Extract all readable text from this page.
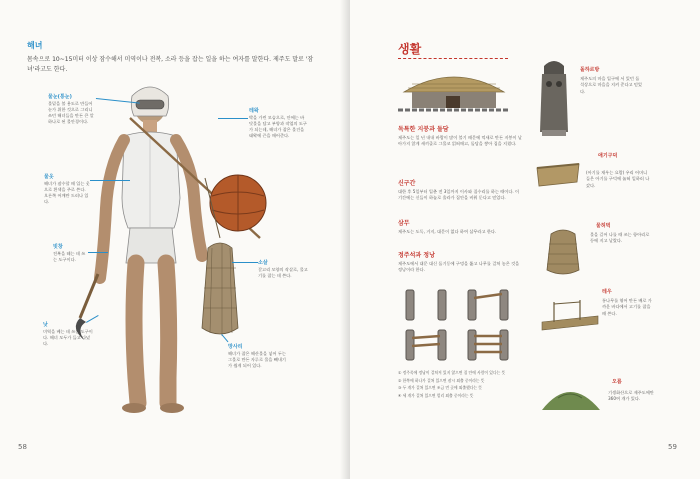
해녀
몸속으로 10~15미터 이상 잠수해서 미역이나 전복, 소라 등을 잡는 일을 하는 여자를 말한다. 제주도 말로 '잠녀'라고도 한다.
물눈(통눈)
물밑을 볼 용도로 만들어 눈가 위한 것으로 그리니 쓰던 해녀들을 만든 큰 알 하나로 된 물안경이다.
테왁
박을 가린 모습으로, 안에는 바닷물을 담고 부양과 작업의 도구가 되는데, 해녀가 잡은 물건을 태왁에 끈을 매어준다.
물옷
해녀가 잠수할 때 입는 옷으로 흰색을 주로 쓴다. 오른쪽 어깨만 드러나 있다.
빗창
전복을 떼는 데 쓰는 도구이다.
소살
갈고리 모양의 작살로, 물고기를 잡는 데 쓴다.
낫
미역을 베는 데 쓰는 도구이다. 해녀 모두가 들고 다녔다.
망사리
해녀가 잡은 해산물을 넣어 두는 그물로 만든 자루로 물을 빼내기가 쉽게 되어 있다.
58
생활
독특한 지붕과 돌담
제주도는 일 년 내내 바람이 많이 불기 때문에 억새로 만든 지붕이 날아가지 않게 새끼줄로 그물코 얽혀매고, 돌담을 쌓아 집을 지켰다.
신구간
대한 후 5일부터 입춘 전 3일까지 이사와 집수리를 하는 때이다. 이 기간에는 신들이 하늘로 올라가 집안을 비워 둔다고 믿었다.
삼무
제주도는 도둑, 거지, 대문이 없다 하여 삼무라고 한다.
정주석과 정낭
제주도에서 대문 대신 돌기둥에 구멍을 뚫고 나무를 걸쳐 놓은 것을 정낭이라 한다.
① 정주목에 정낭이 걸쳐져 있지 않으면 집 안에 사람이 있다는 뜻
② 한쪽에 하나가 걸쳐 있으면 잠시 외출 중이라는 뜻
③ 두 개가 걸쳐 있으면 조금 먼 곳에 외출했다는 뜻
④ 세 개가 걸쳐 있으면 멀리 외출 중이라는 뜻
돌하르방
제주도의 마을 입구에 서 있던 돌 석상으로 마을을 지켜 준다고 믿었다.
애기구덕
(아기를 재우는 요람) 우리 어머니들은 아기를 구덕에 눕혀 일하러 나갔다.
물허벅
물을 길어 나를 때 쓰는 항아리로 등에 지고 날랐다.
테우
통나무를 엮어 만든 배로 가까운 바다에서 고기를 잡을 때 쓴다.
오름
기생화산으로 제주도에만 360여 개가 있다.
59
